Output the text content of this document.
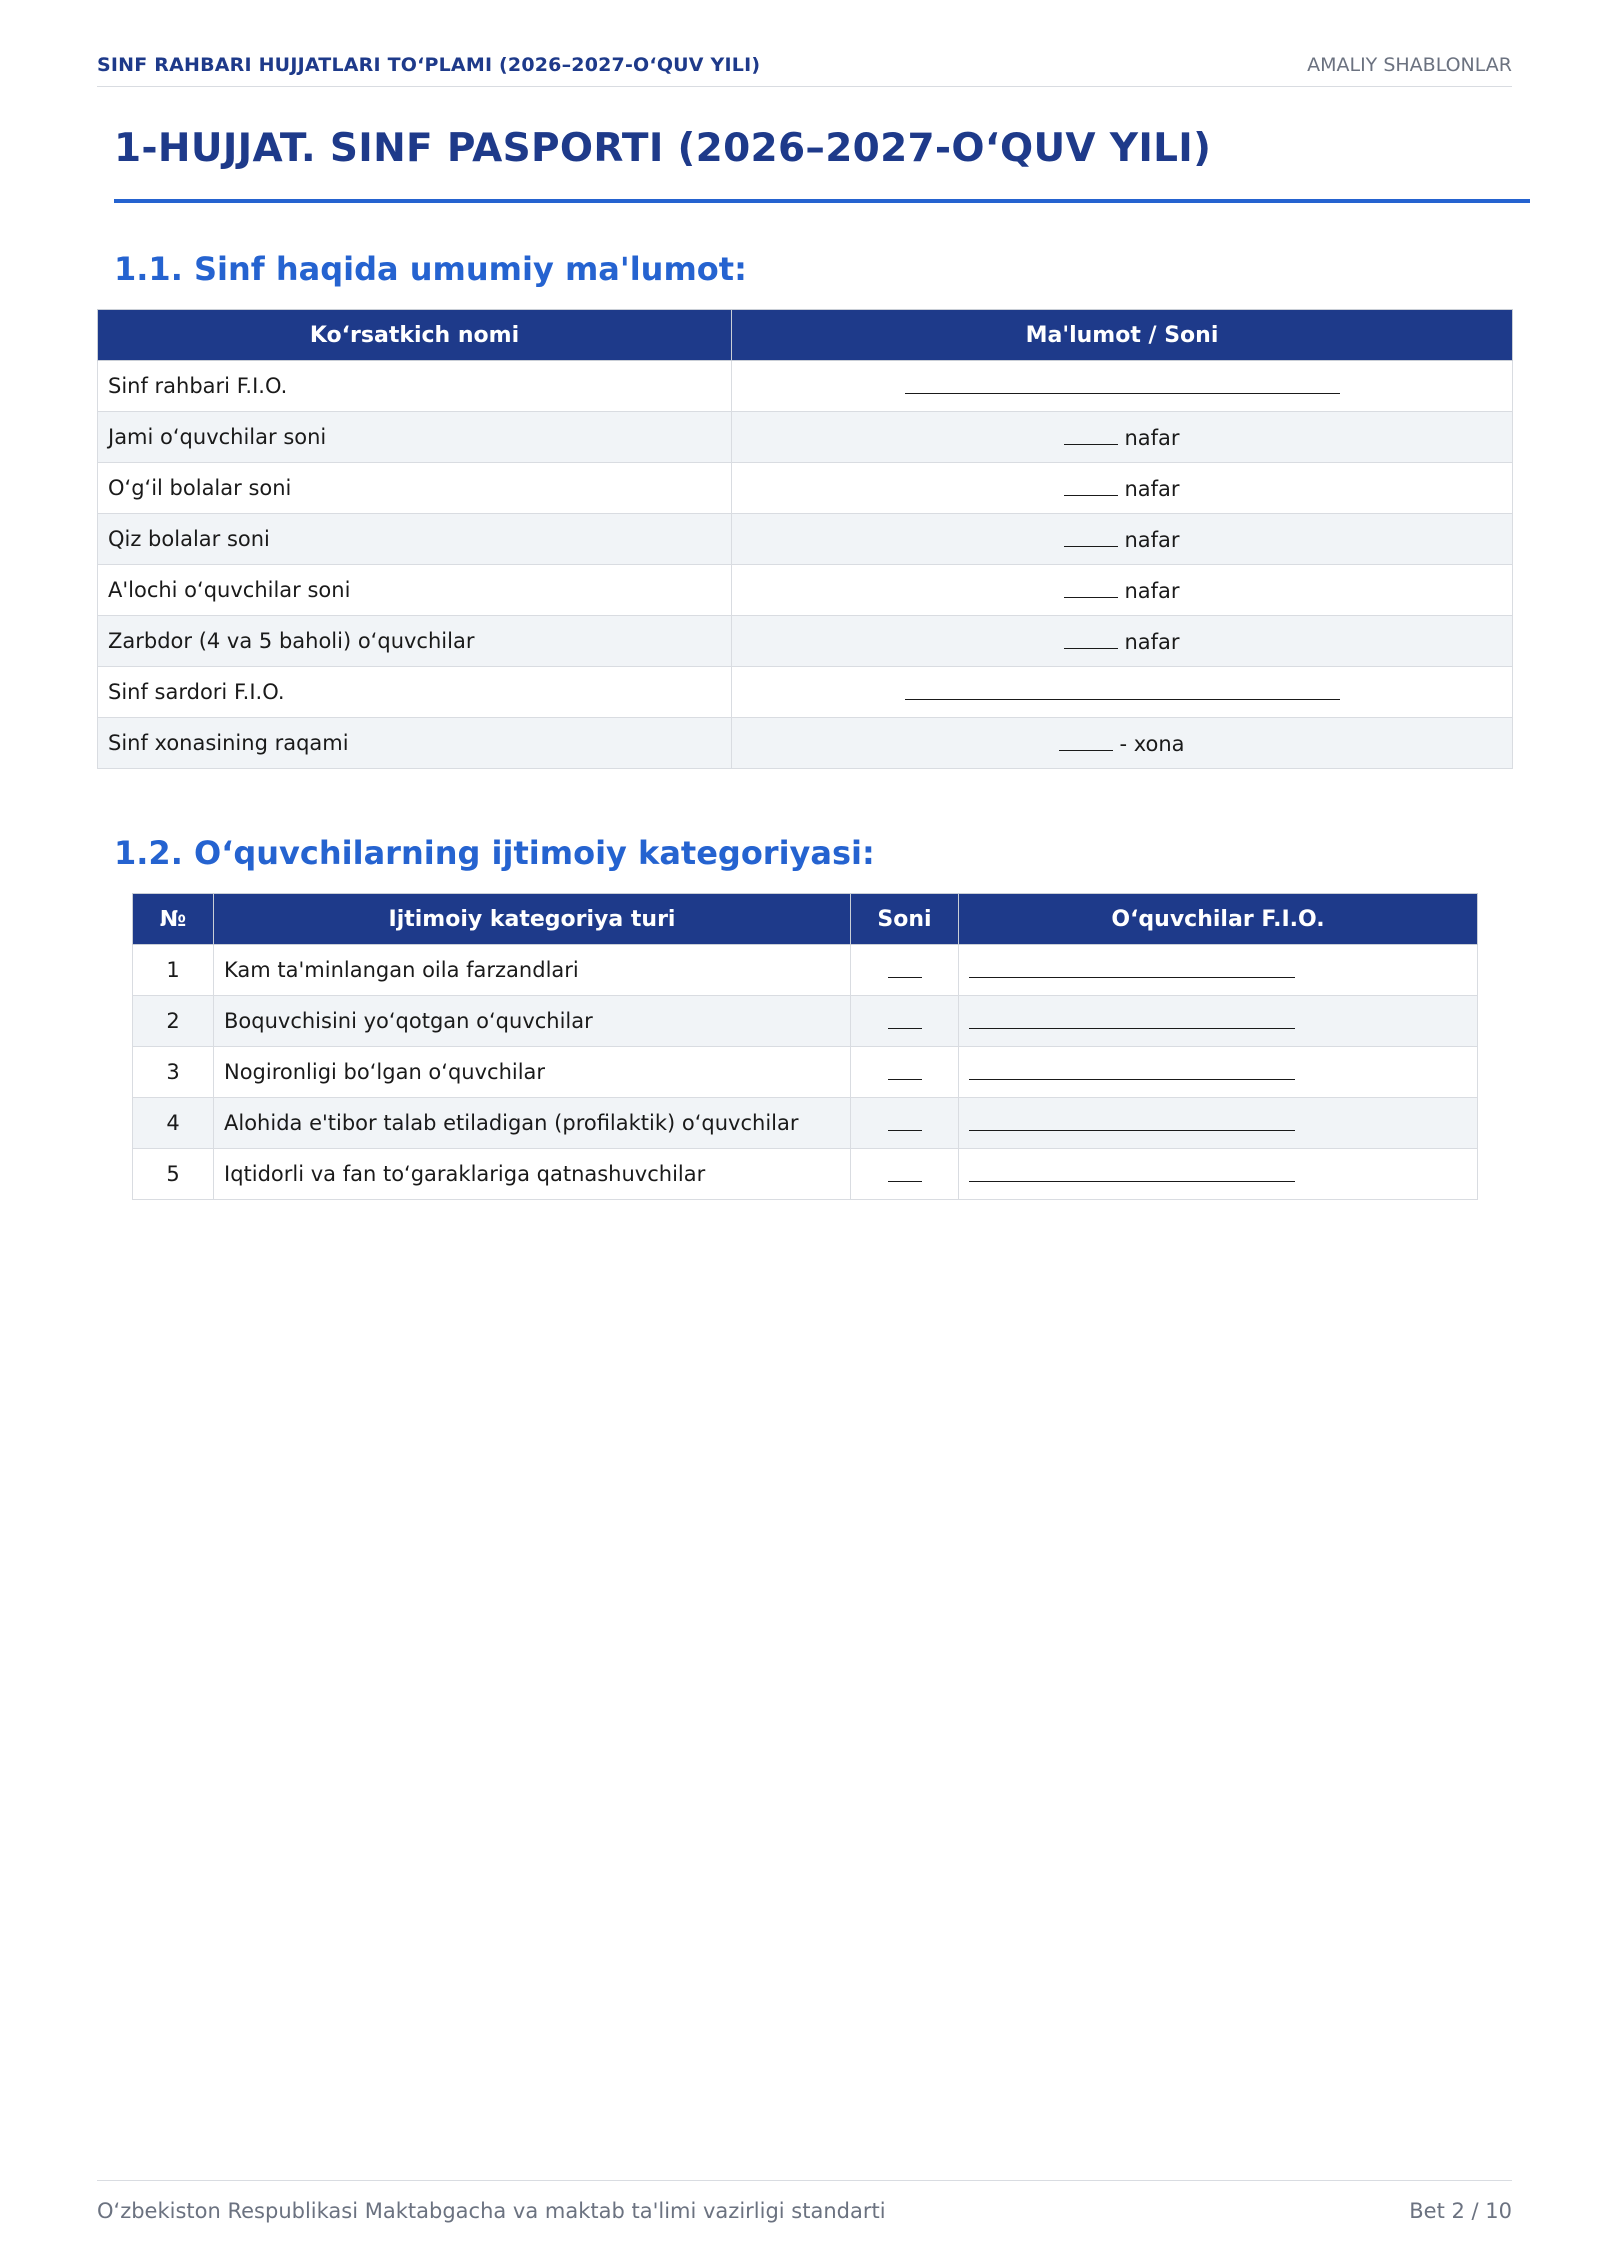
SINF RAHBARI HUJJATLARI TO‘PLAMI (2026–2027-O‘QUV YILI)	AMALIY SHABLONLAR
1-HUJJAT. SINF PASPORTI (2026–2027-O‘QUV YILI)
1.1. Sinf haqida umumiy ma'lumot:
Ko‘rsatkich nomi	Ma'lumot / Soni
Sinf rahbari F.I.O.	
Jami o‘quvchilar soni	nafar
O‘g‘il bolalar soni	nafar
Qiz bolalar soni	nafar
A'lochi o‘quvchilar soni	nafar
Zarbdor (4 va 5 baholi) o‘quvchilar	nafar
Sinf sardori F.I.O.	
Sinf xonasining raqami	- xona
1.2. O‘quvchilarning ijtimoiy kategoriyasi:
№	Ijtimoiy kategoriya turi	Soni	O‘quvchilar F.I.O.
1	Kam ta'minlangan oila farzandlari		
2	Boquvchisini yo‘qotgan o‘quvchilar		
3	Nogironligi bo‘lgan o‘quvchilar		
4	Alohida e'tibor talab etiladigan (profilaktik) o‘quvchilar		
5	Iqtidorli va fan to‘garaklariga qatnashuvchilar		
O‘zbekiston Respublikasi Maktabgacha va maktab ta'limi vazirligi standarti	Bet 2 / 10
